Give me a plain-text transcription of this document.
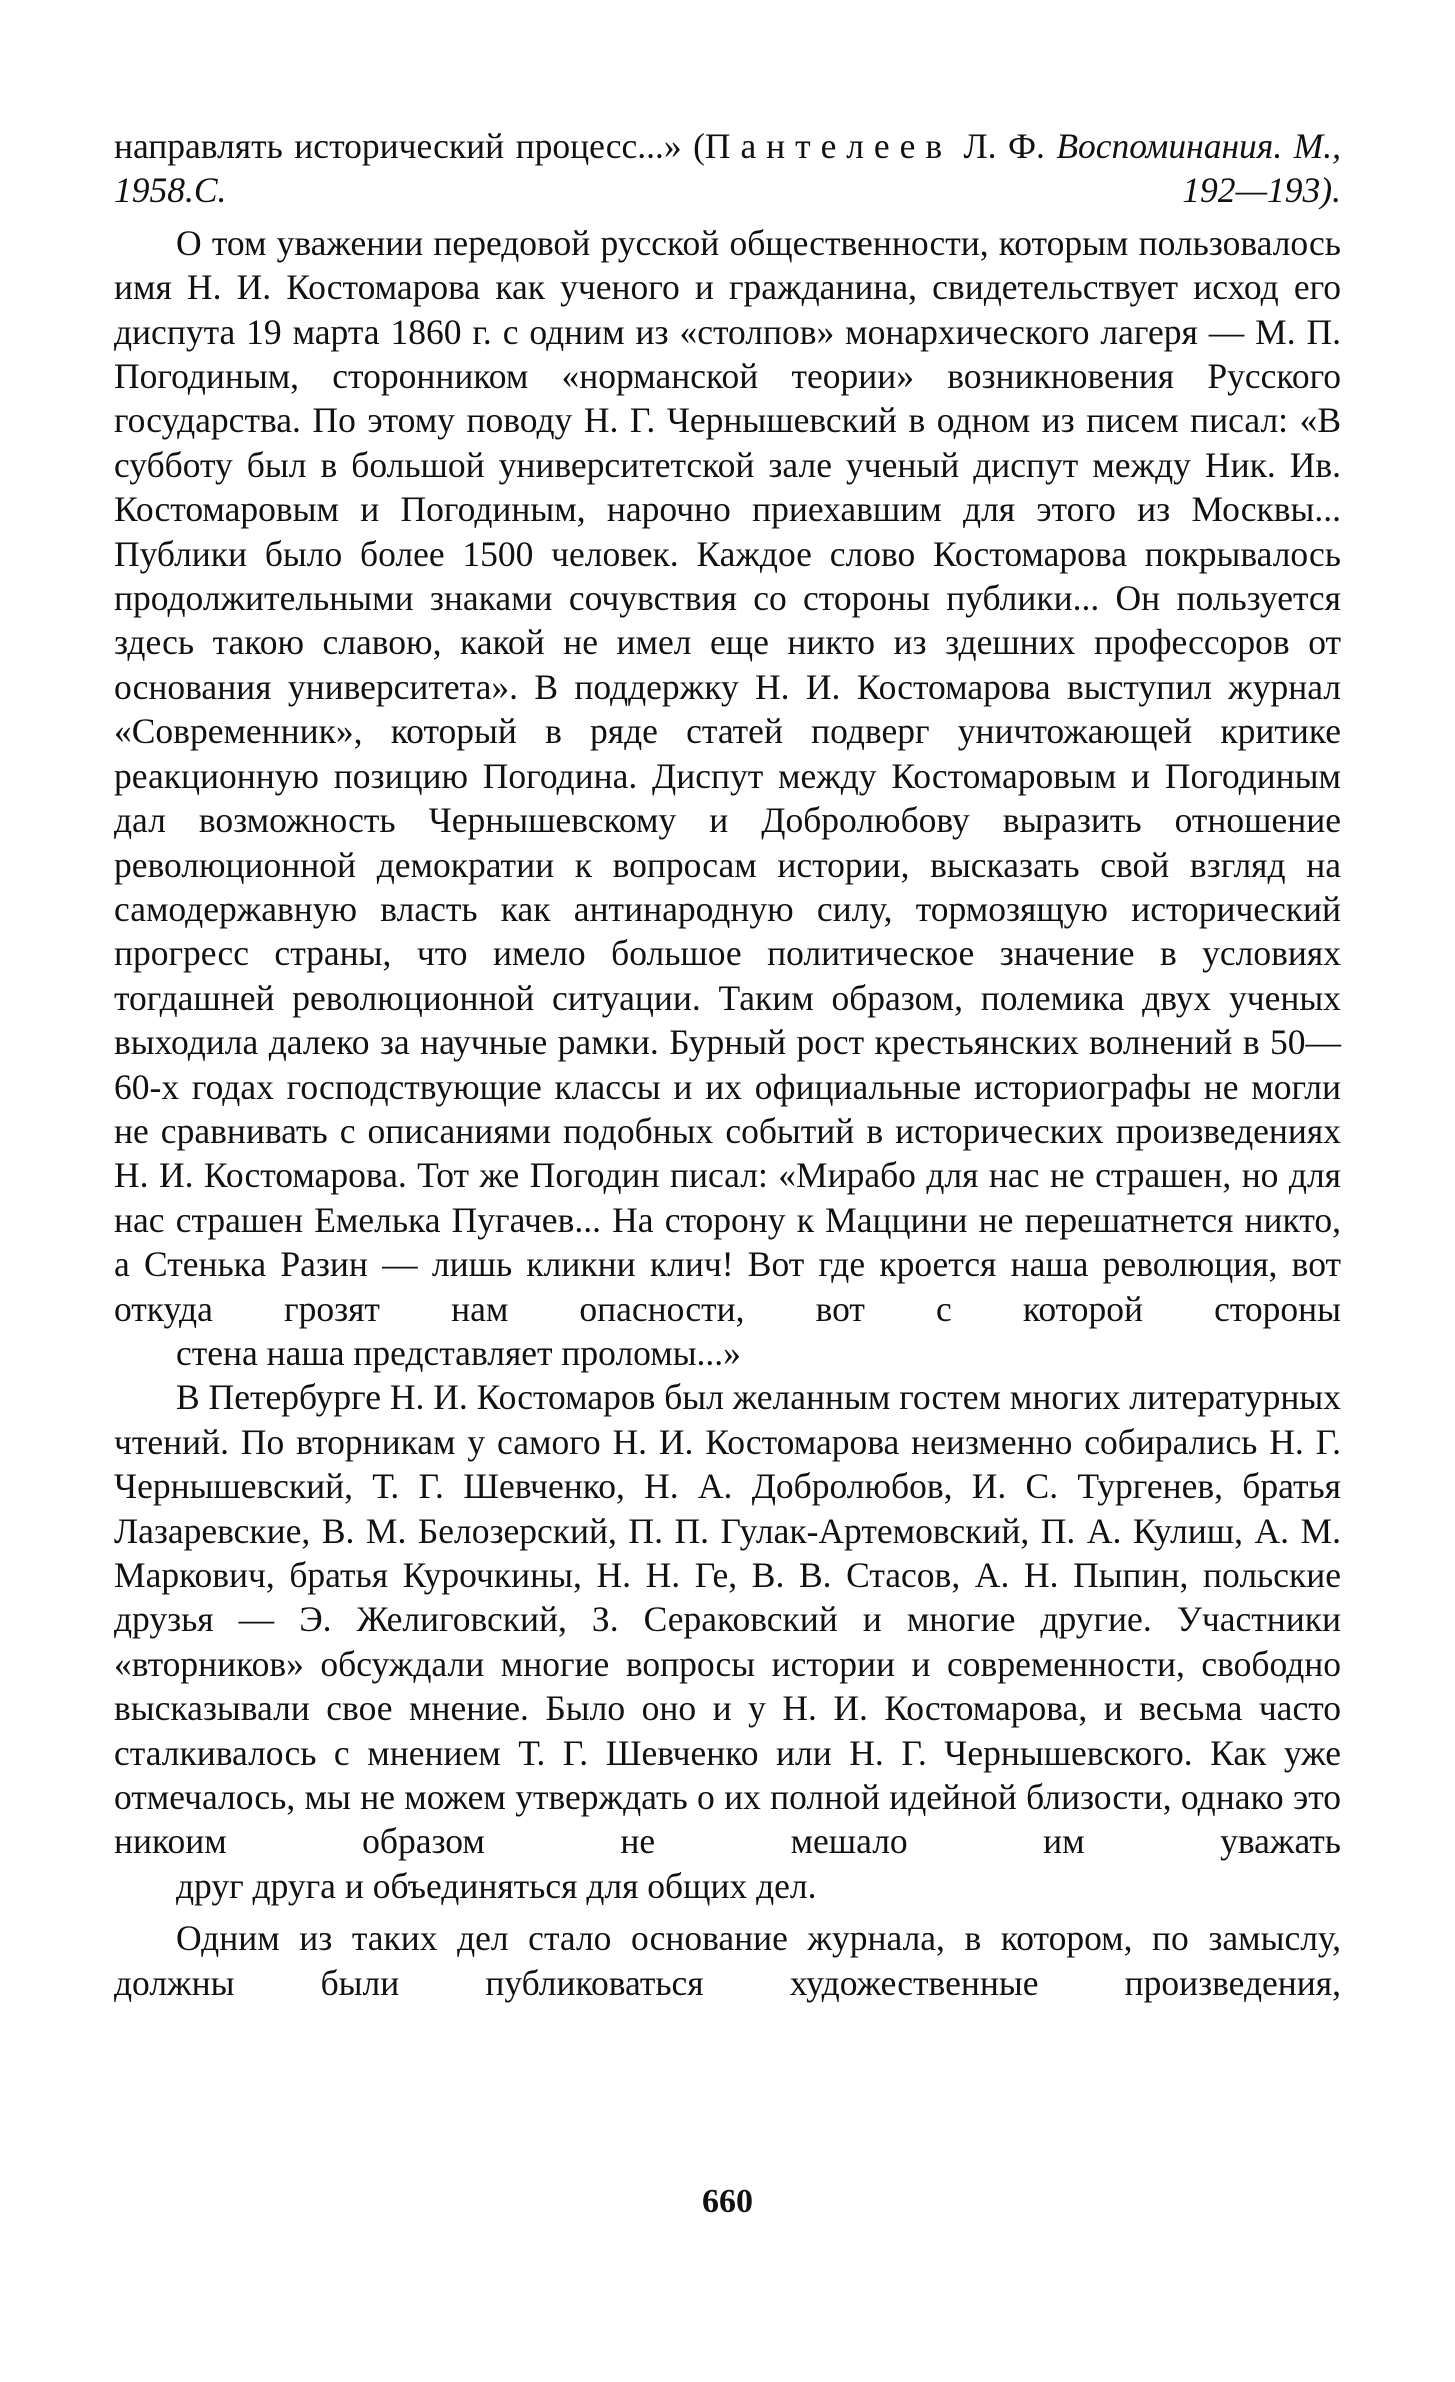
направлять исторический процесс...» (Пантелеев Л. Ф. Воспоминания. М., 1958.С. 192—193).

О том уважении передовой русской общественности, которым пользовалось имя Н. И. Костомарова как ученого и гражданина, свидетельствует исход его диспута 19 марта 1860 г. с одним из «столпов» монархического лагеря — М. П. Погодиным, сторонником «норманской теории» возникновения Русского государства. По этому поводу Н. Г. Чернышевский в одном из писем писал: «В субботу был в большой университетской зале ученый диспут между Ник. Ив. Костомаровым и Погодиным, нарочно приехавшим для этого из Москвы... Публики было более 1500 человек. Каждое слово Костомарова покрывалось продолжительными знаками сочувствия со стороны публики... Он пользуется здесь такою славою, какой не имел еще никто из здешних профессоров от основания университета». В поддержку Н. И. Костомарова выступил журнал «Современник», который в ряде статей подверг уничтожающей критике реакционную позицию Погодина. Диспут между Костомаровым и Погодиным дал возможность Чернышевскому и Добролюбову выразить отношение революционной демократии к вопросам истории, высказать свой взгляд на самодержавную власть как антинародную силу, тормозящую исторический прогресс страны, что имело большое политическое значение в условиях тогдашней революционной ситуации. Таким образом, полемика двух ученых выходила далеко за научные рамки. Бурный рост крестьянских волнений в 50—60-х годах господствующие классы и их официальные историографы не могли не сравнивать с описаниями подобных событий в исторических произведениях Н. И. Костомарова. Тот же Погодин писал: «Мирабо для нас не страшен, но для нас страшен Емелька Пугачев... На сторону к Маццини не перешатнется никто, а Стенька Разин — лишь кликни клич! Вот где кроется наша революция, вот откуда грозят нам опасности, вот с которой стороны
стена наша представляет проломы...»

В Петербурге Н. И. Костомаров был желанным гостем многих литературных чтений. По вторникам у самого Н. И. Костомарова неизменно собирались Н. Г. Чернышевский, Т. Г. Шевченко, Н. А. Добролюбов, И. С. Тургенев, братья Лазаревские, В. М. Белозерский, П. П. Гулак-Артемовский, П. А. Кулиш, А. М. Маркович, братья Курочкины, Н. Н. Ге, В. В. Стасов, А. Н. Пыпин, польские друзья — Э. Желиговский, З. Сераковский и многие другие. Участники «вторников» обсуждали многие вопросы истории и современности, свободно высказывали свое мнение. Было оно и у Н. И. Костомарова, и весьма часто сталкивалось с мнением Т. Г. Шевченко или Н. Г. Чернышевского. Как уже отмечалось, мы не можем утверждать о их полной идейной близости, однако это никоим образом не мешало им уважать
друг друга и объединяться для общих дел.

Одним из таких дел стало основание журнала, в котором, по замыслу, должны были публиковаться художественные произведения,

660
